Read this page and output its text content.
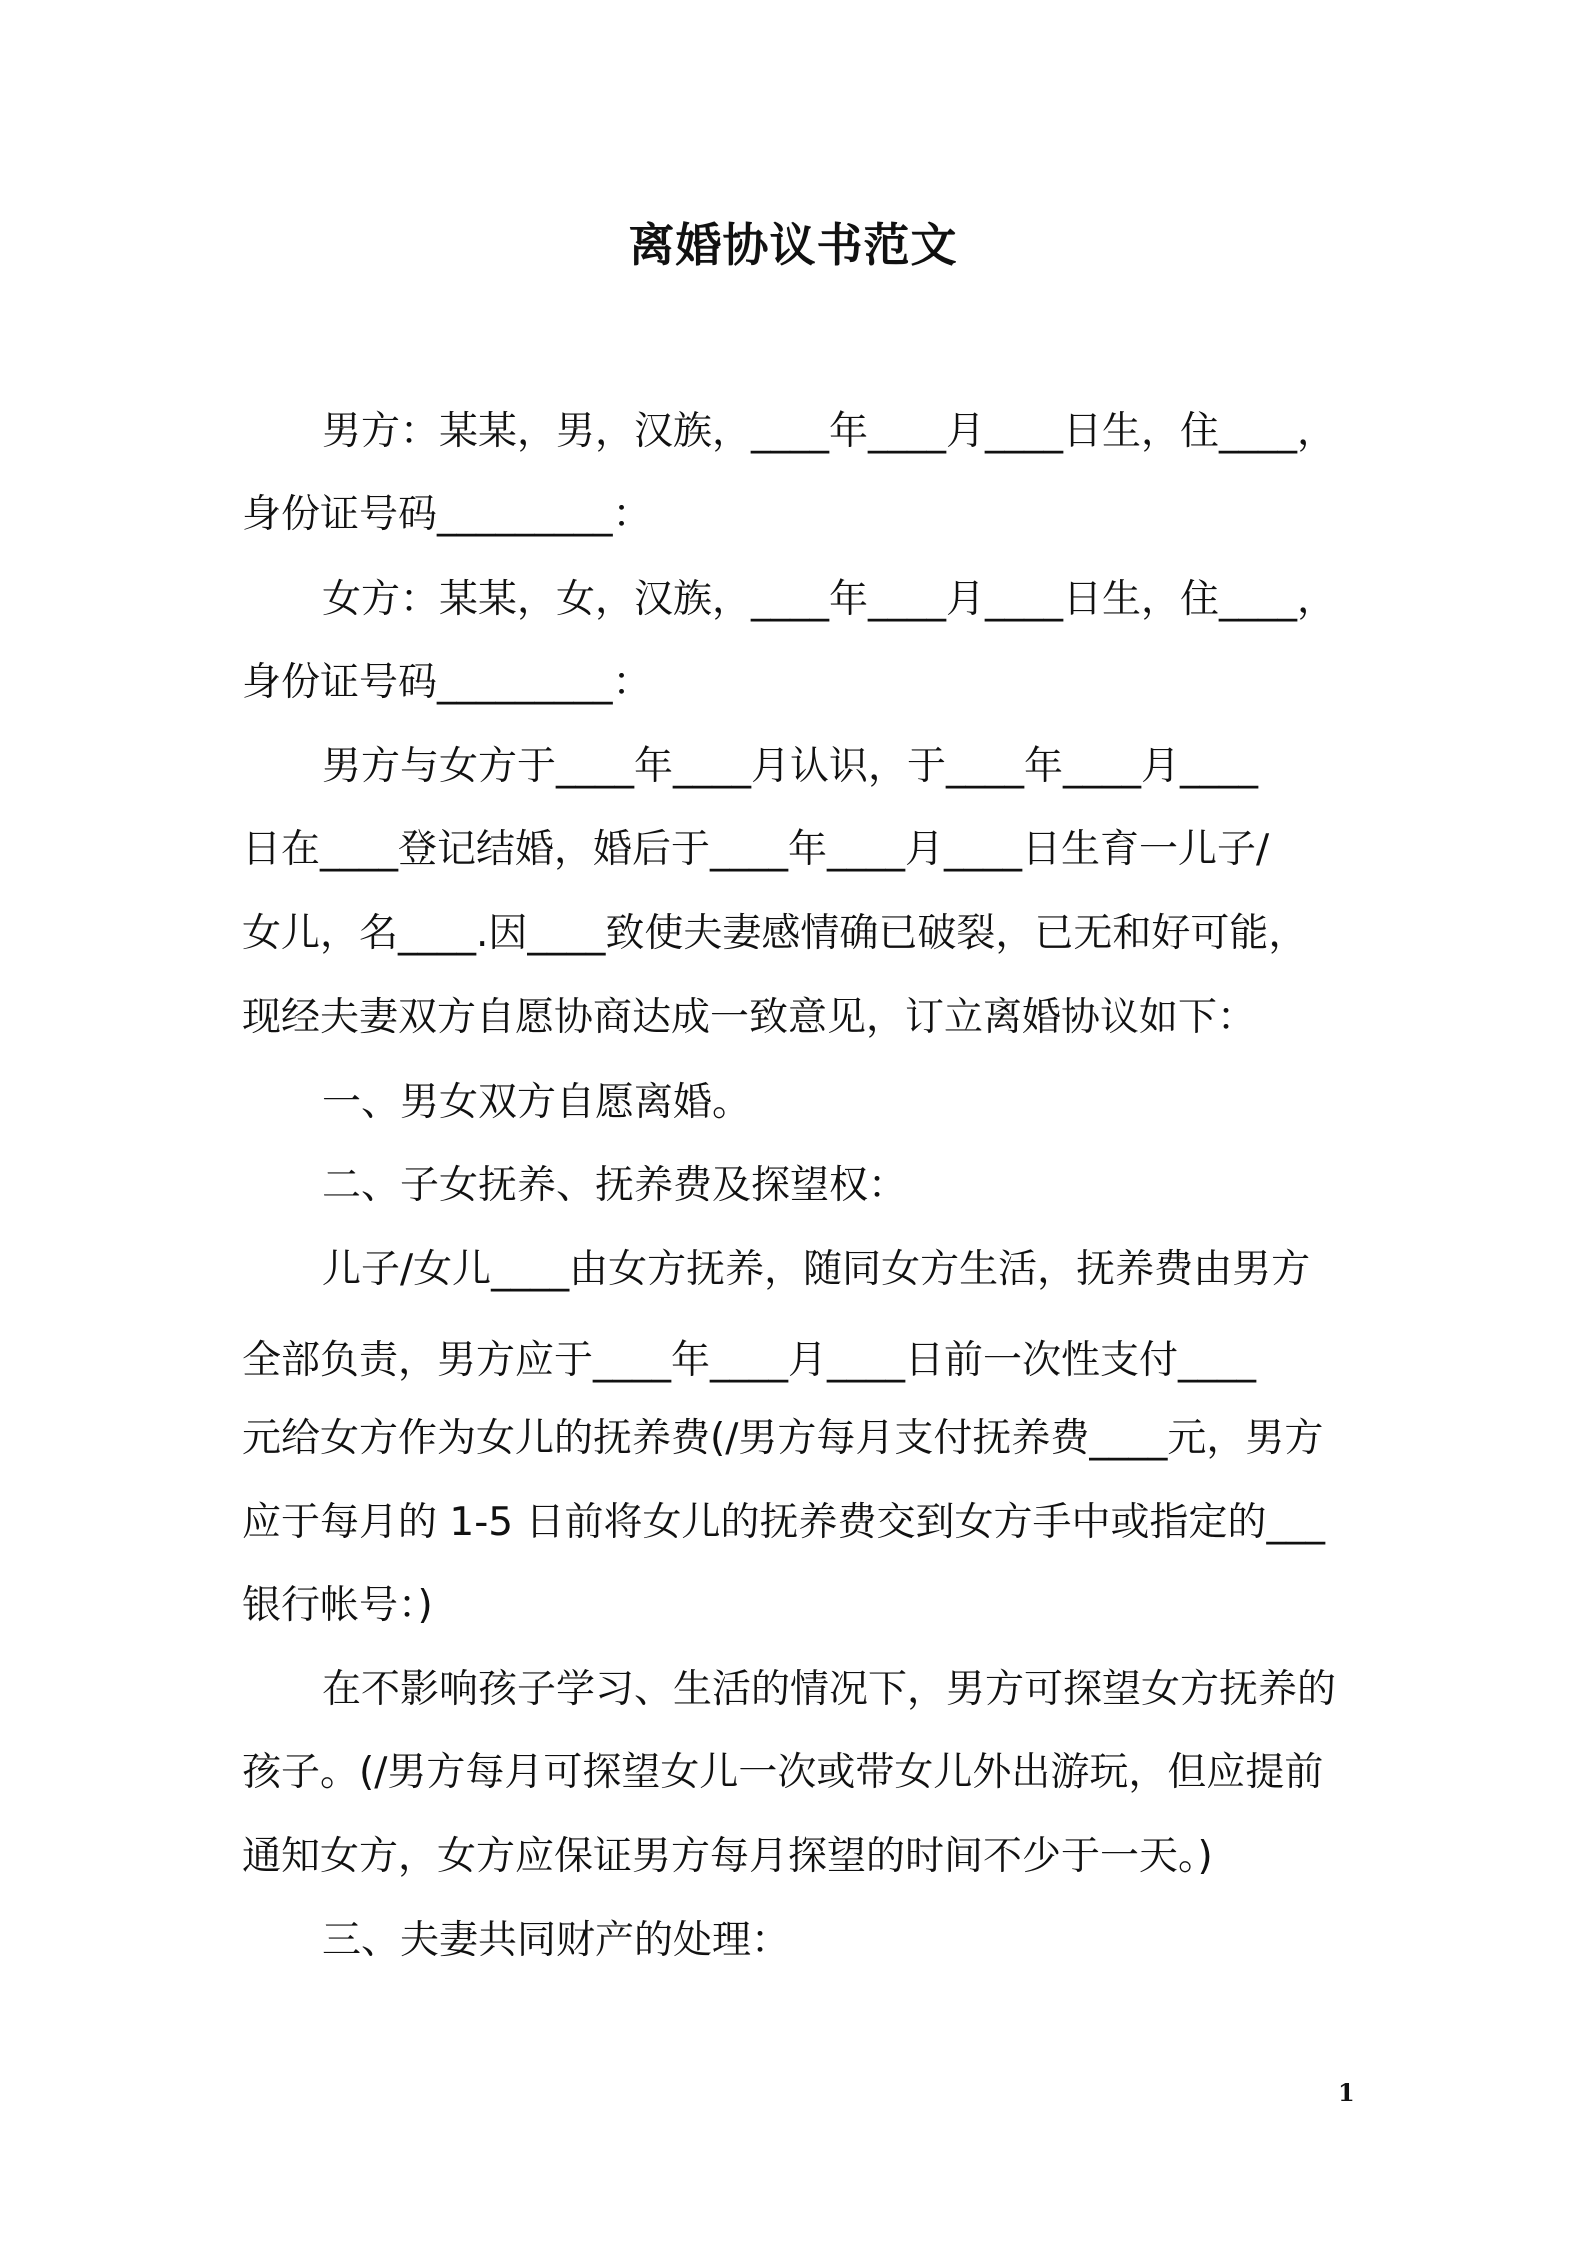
离婚协议书范文

男方：某某，男，汉族，____年____月____日生，住____，

身份证号码_________：

女方：某某，女，汉族，____年____月____日生，住____，

身份证号码_________：

男方与女方于____年____月认识，于____年____月____

日在____登记结婚，婚后于____年____月____日生育一儿子/

女儿，名____.因____致使夫妻感情确已破裂，已无和好可能，

现经夫妻双方自愿协商达成一致意见，订立离婚协议如下：

一、男女双方自愿离婚。

二、子女抚养、抚养费及探望权：

儿子/女儿____由女方抚养，随同女方生活，抚养费由男方

全部负责，男方应于____年____月____日前一次性支付____

元给女方作为女儿的抚养费(/男方每月支付抚养费____元，男方

应于每月的 1-5 日前将女儿的抚养费交到女方手中或指定的___

银行帐号：)

在不影响孩子学习、生活的情况下，男方可探望女方抚养的

孩子。(/男方每月可探望女儿一次或带女儿外出游玩，但应提前

通知女方，女方应保证男方每月探望的时间不少于一天。)

三、夫妻共同财产的处理：

1
